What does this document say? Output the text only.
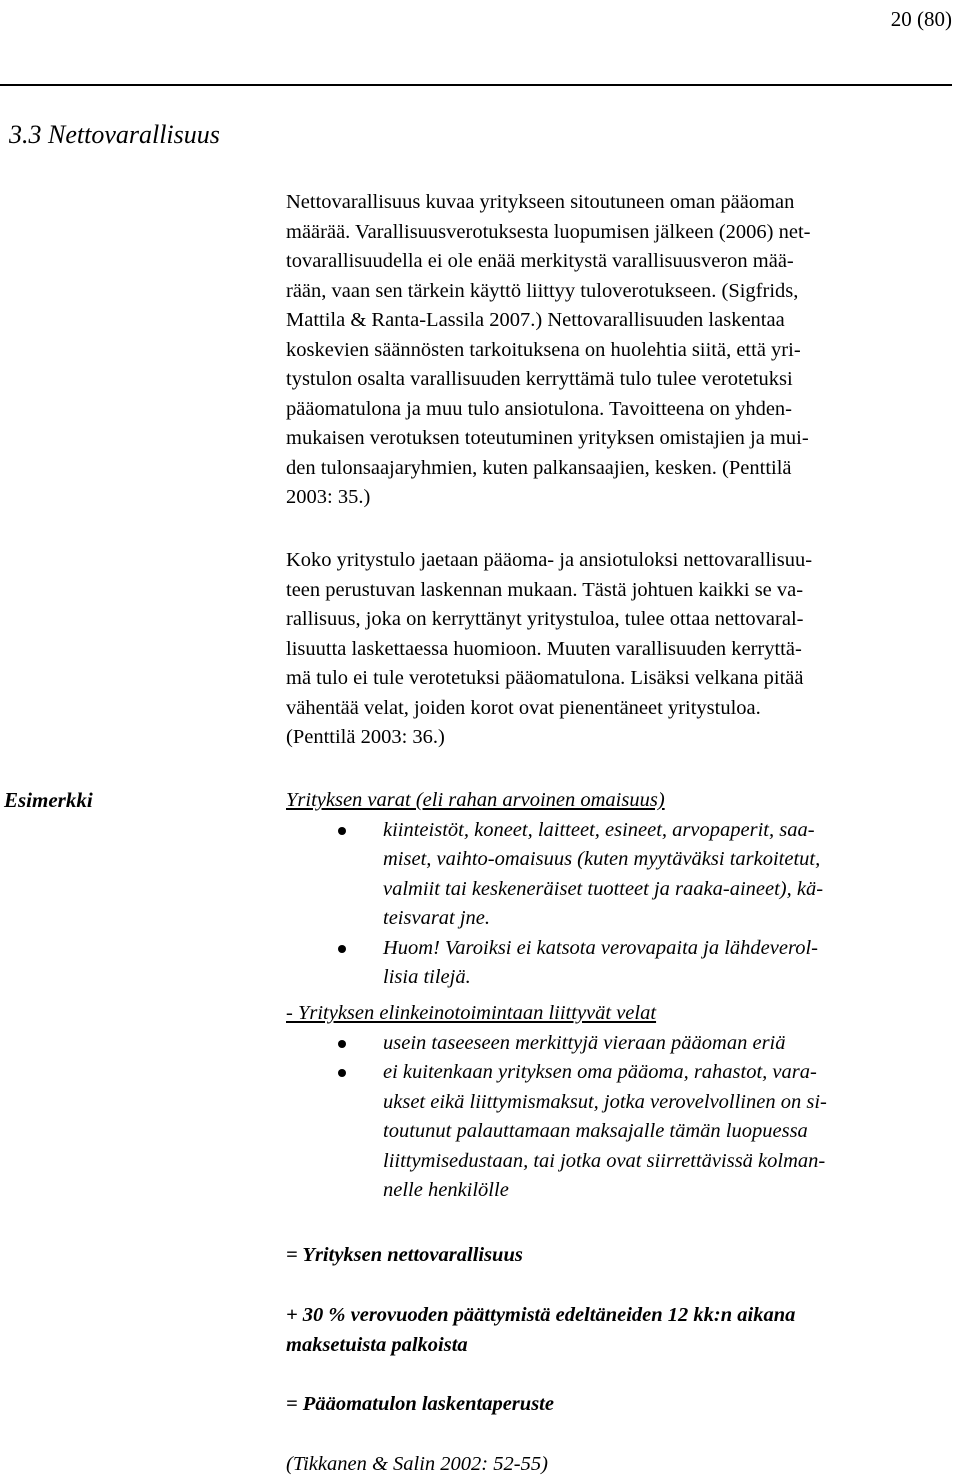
20 (80)
3.3 Nettovarallisuus
Nettovarallisuus kuvaa yritykseen sitoutuneen oman pääoman
määrää. Varallisuusverotuksesta luopumisen jälkeen (2006) net-
tovarallisuudella ei ole enää merkitystä varallisuusveron mää-
rään, vaan sen tärkein käyttö liittyy tuloverotukseen. (Sigfrids,
Mattila & Ranta-Lassila 2007.) Nettovarallisuuden laskentaa
koskevien säännösten tarkoituksena on huolehtia siitä, että yri-
tystulon osalta varallisuuden kerryttämä tulo tulee verotetuksi
pääomatulona ja muu tulo ansiotulona. Tavoitteena on yhden-
mukaisen verotuksen toteutuminen yrityksen omistajien ja mui-
den tulonsaajaryhmien, kuten palkansaajien, kesken. (Penttilä
2003: 35.)
Koko yritystulo jaetaan pääoma- ja ansiotuloksi nettovarallisuu-
teen perustuvan laskennan mukaan. Tästä johtuen kaikki se va-
rallisuus, joka on kerryttänyt yritystuloa, tulee ottaa nettovaral-
lisuutta laskettaessa huomioon. Muuten varallisuuden kerryttä-
mä tulo ei tule verotetuksi pääomatulona. Lisäksi velkana pitää
vähentää velat, joiden korot ovat pienentäneet yritystuloa.
(Penttilä 2003: 36.)
Esimerkki	Yrityksen varat (eli rahan arvoinen omaisuus)
kiinteistöt, koneet, laitteet, esineet, arvopaperit, saa-
miset, vaihto-omaisuus (kuten myytäväksi tarkoitetut,
valmiit tai keskeneräiset tuotteet ja raaka-aineet), kä-
teisvarat jne.
Huom! Varoiksi ei katsota verovapaita ja lähdeverol-
lisia tilejä.
- Yrityksen elinkeinotoimintaan liittyvät velat
usein taseeseen merkittyjä vieraan pääoman eriä
ei kuitenkaan yrityksen oma pääoma, rahastot, vara-
ukset eikä liittymismaksut, jotka verovelvollinen on si-
toutunut palauttamaan maksajalle tämän luopuessa
liittymisedustaan, tai jotka ovat siirrettävissä kolman-
nelle henkilölle
= Yrityksen nettovarallisuus
+ 30 % verovuoden päättymistä edeltäneiden 12 kk:n aikana
maksetuista palkoista
= Pääomatulon laskentaperuste
(Tikkanen & Salin 2002: 52-55)
